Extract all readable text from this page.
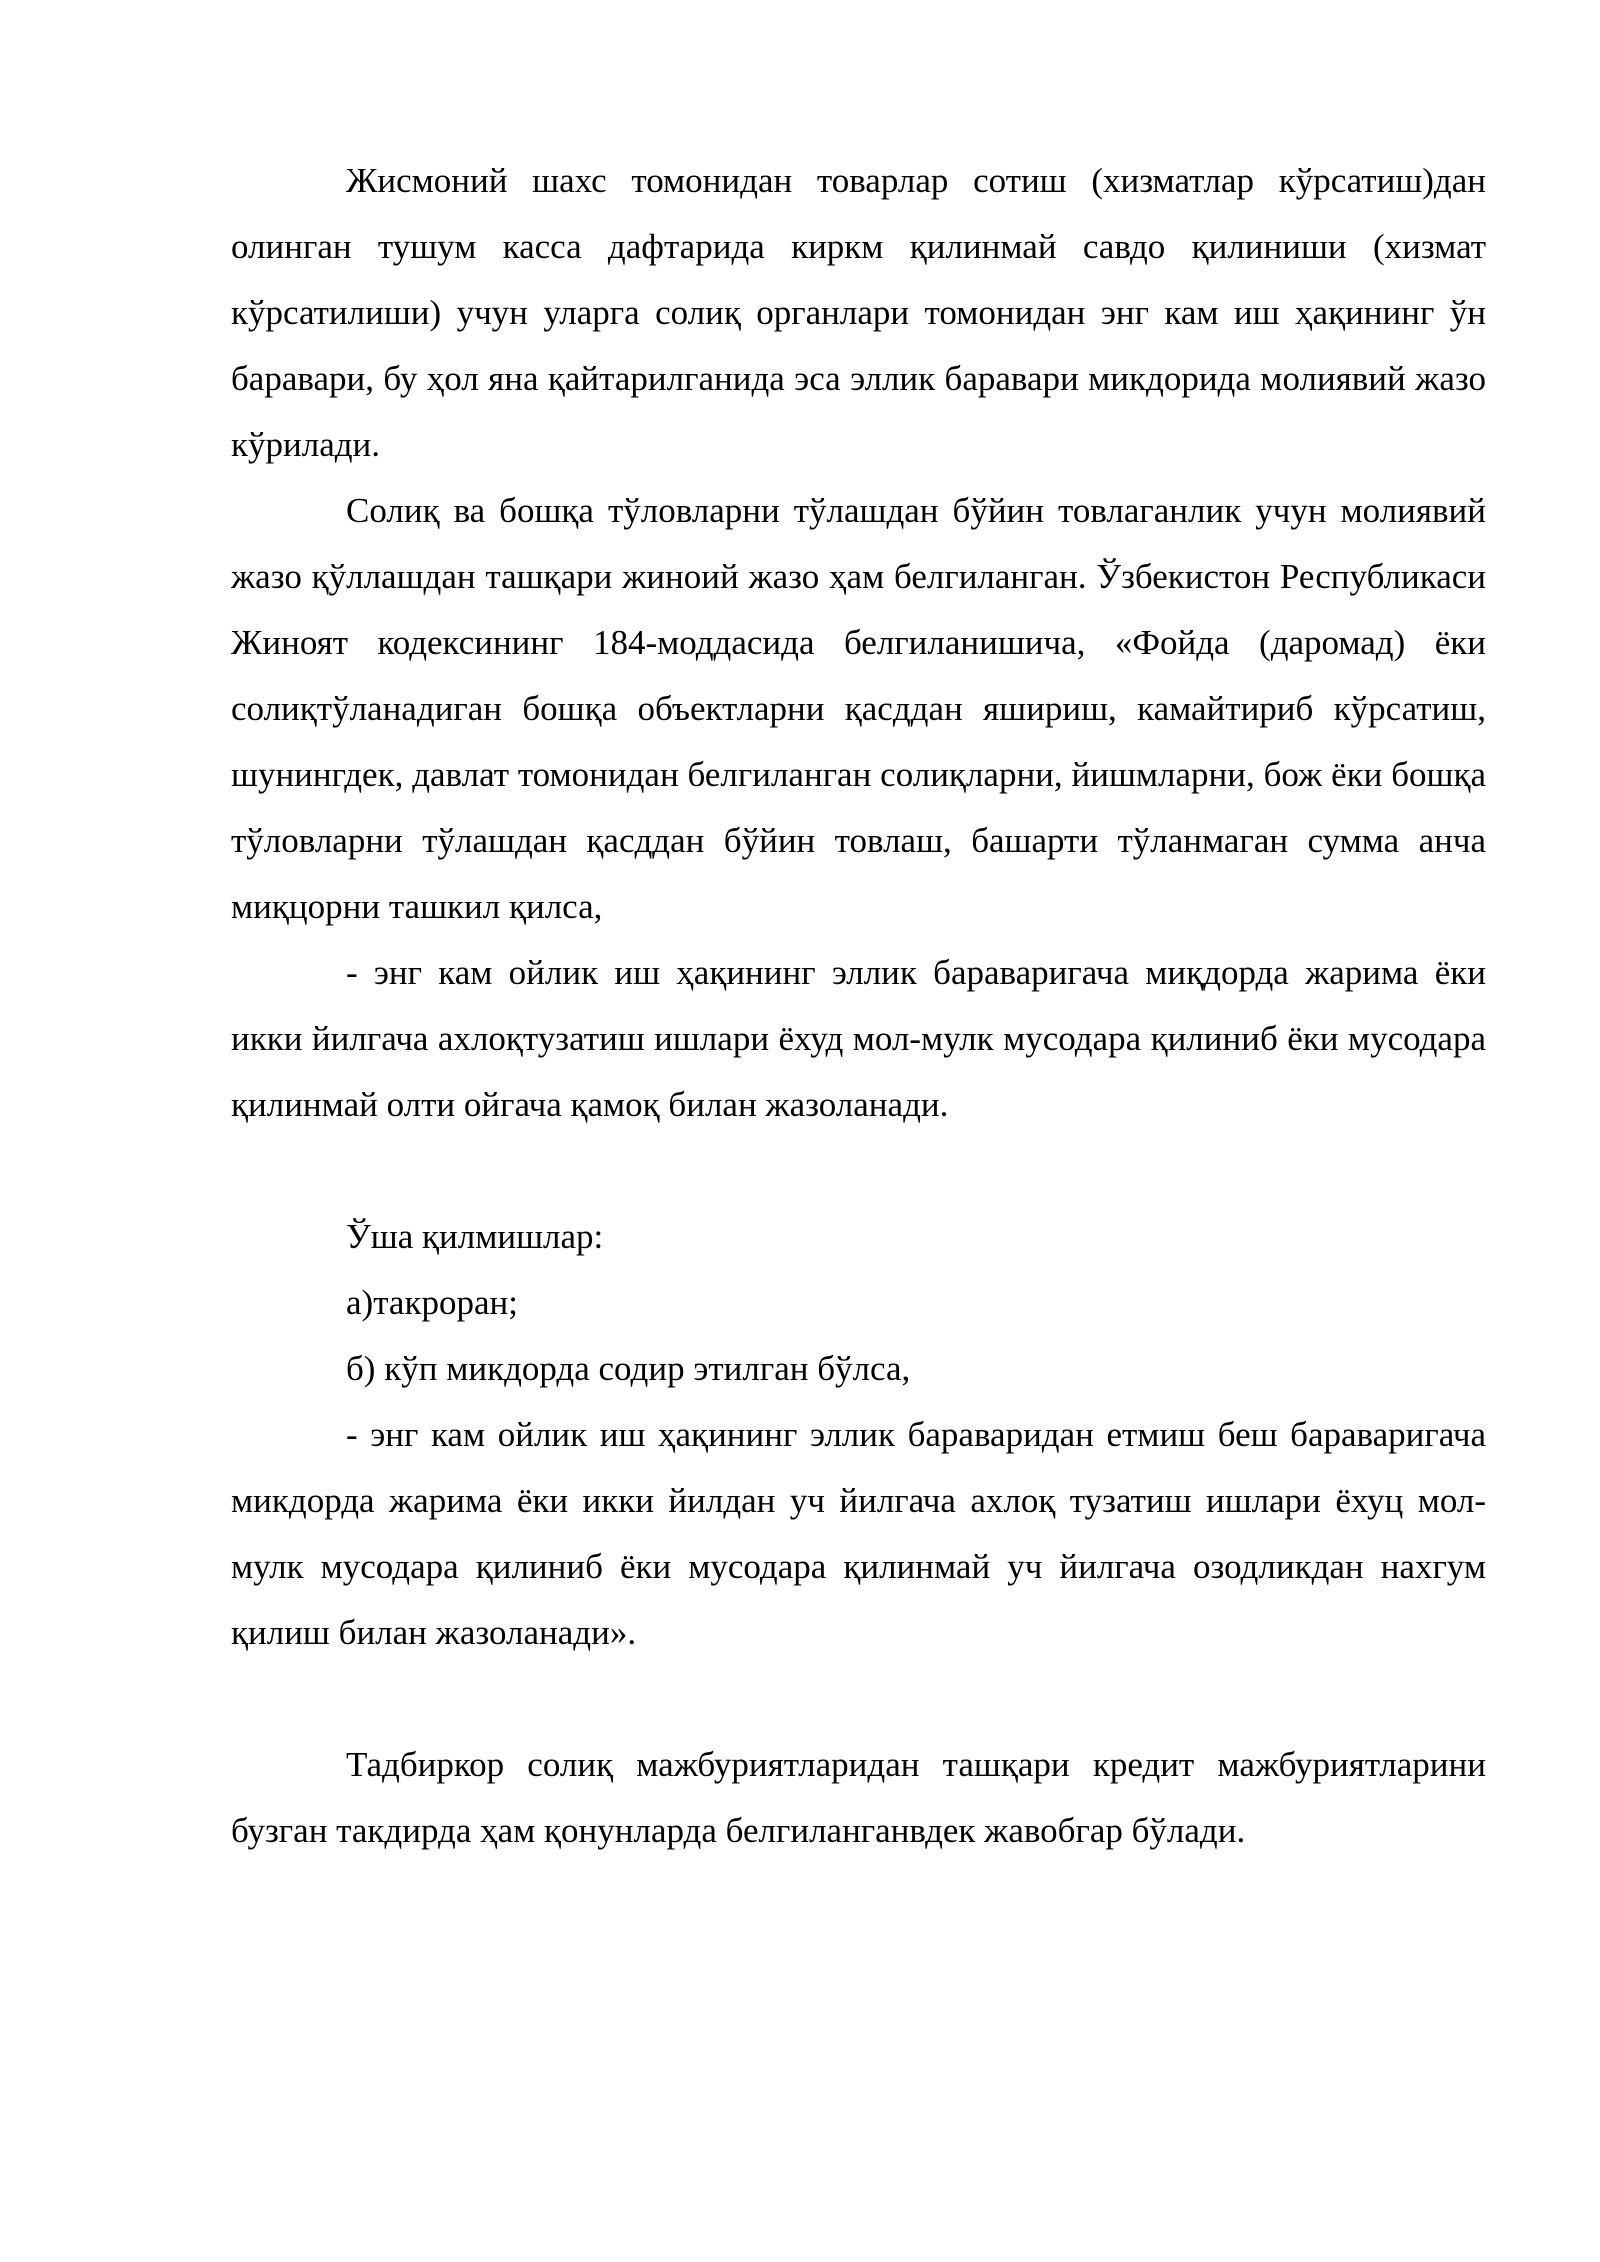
Жисмоний шахс томонидан товарлар сотиш (хизматлар кўрсатиш)дан олинган тушум касса дафтарида киркм қилинмай савдо қилиниши (хизмат кўрсатилиши) учун уларга солиқ органлари томонидан энг кам иш ҳақининг ўн баравари, бу ҳол яна қайтарилганида эса эллик баравари микдорида молиявий жазо кўрилади.

Солиқ ва бошқа тўловларни тўлашдан бўйин товлаганлик учун молиявий жазо қўллашдан ташқари жиноий жазо ҳам белгиланган. Ўзбекистон Республикаси Жиноят кодексининг 184-моддасида белгиланишича, «Фойда (даромад) ёки солиқтўланадиган бошқа объектларни қасддан яшириш, камайтириб кўрсатиш, шунингдек, давлат томонидан белгиланган солиқларни, йишмларни, бож ёки бошқа тўловларни тўлашдан қасддан бўйин товлаш, башарти тўланмаган сумма анча миқцорни ташкил қилса,

- энг кам ойлик иш ҳақининг эллик бараваригача миқдорда жарима ёки икки йилгача ахлоқтузатиш ишлари ёхуд мол-мулк мусодара қилиниб ёки мусодара қилинмай олти ойгача қамоқ билан жазоланади.

Ўша қилмишлар:

а)такроран;

б) кўп микдорда содир этилган бўлса,

- энг кам ойлик иш ҳақининг эллик бараваридан етмиш беш бараваригача микдорда жарима ёки икки йилдан уч йилгача ахлоқ тузатиш ишлари ёхуц мол-мулк мусодара қилиниб ёки мусодара қилинмай уч йилгача озодликдан нахгум қилиш билан жазоланади».

Тадбиркор солиқ мажбуриятларидан ташқари кредит мажбуриятларини бузган такдирда ҳам қонунларда белгиланганвдек жавобгар бўлади.
